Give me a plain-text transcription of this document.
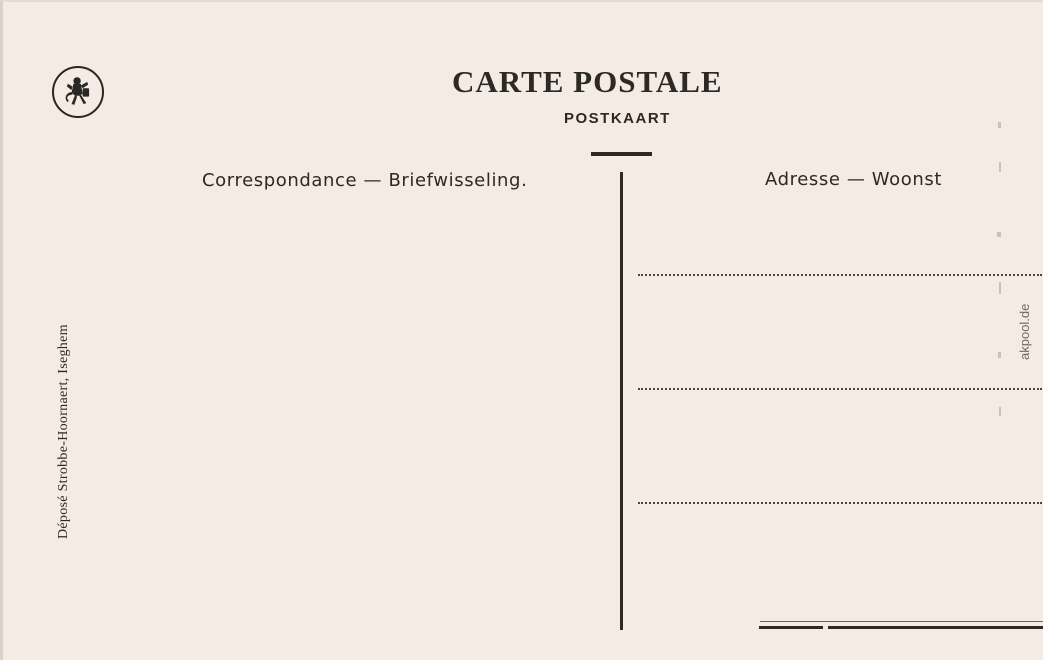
CARTE POSTALE
POSTKAART
Correspondance — Briefwisseling.	Adresse — Woonst
Déposé Strobbe-Hoornaert, Iseghem	akpool.de
